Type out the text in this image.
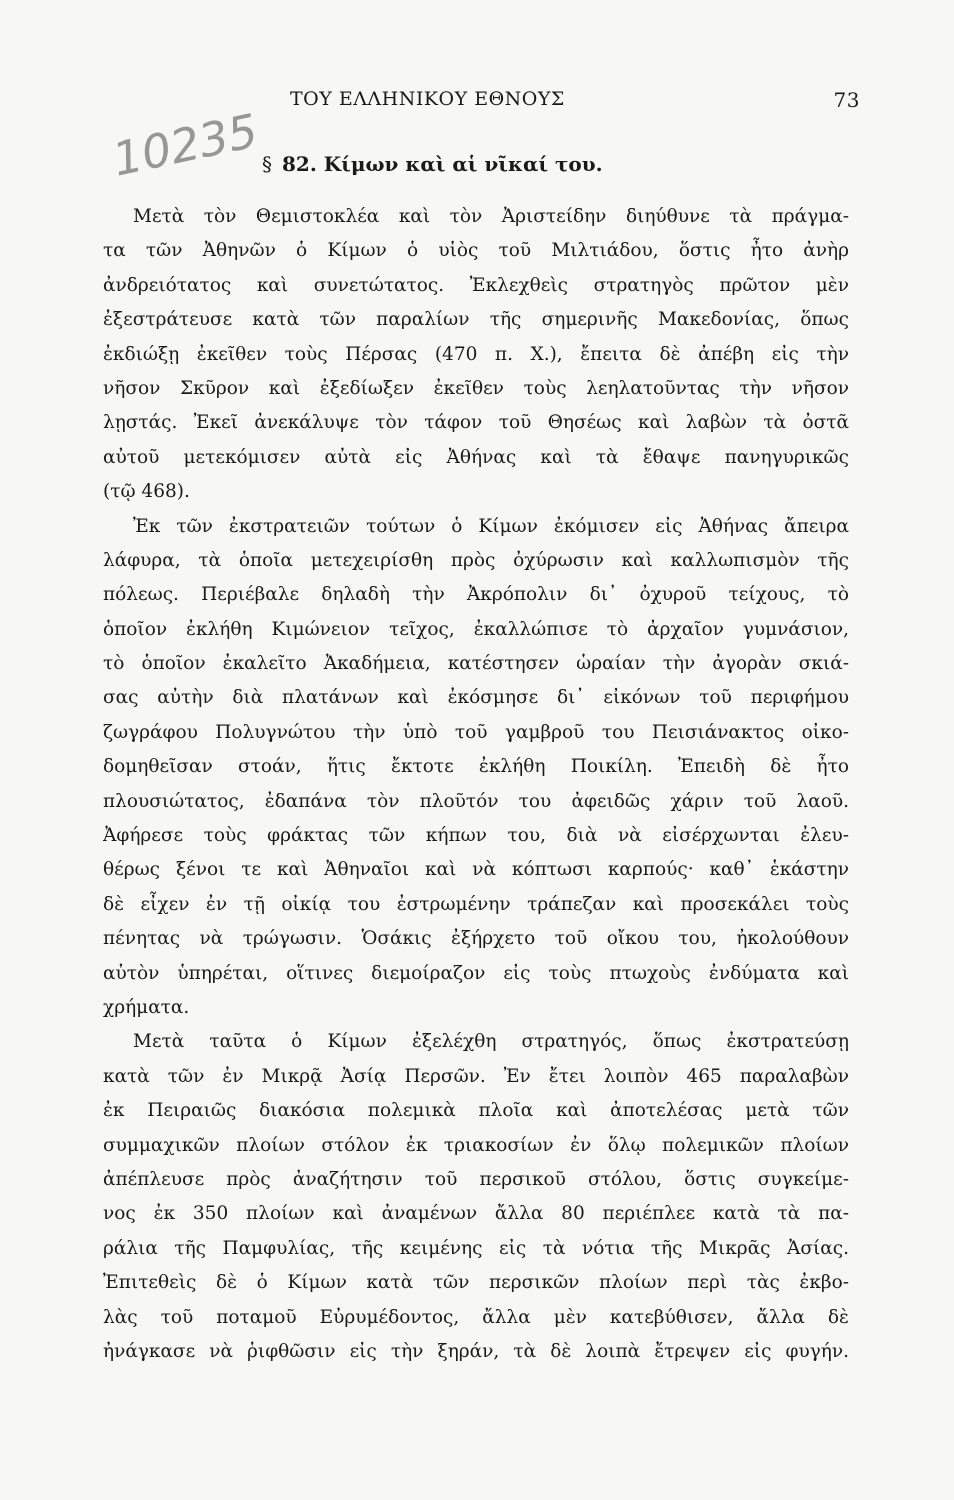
ΤΟΥ ΕΛΛΗΝΙΚΟΥ ΕΘΝΟΥΣ	73
10235 § 82. Κίμων καὶ αἱ νῖκαί του.
Μετὰ τὸν Θεμιστοκλέα καὶ τὸν Ἀριστείδην διηύθυνε τὰ πράγμα-
τα τῶν Ἀθηνῶν ὁ Κίμων ὁ υἱὸς τοῦ Μιλτιάδου, ὅστις ἦτο ἀνὴρ
ἀνδρειότατος καὶ συνετώτατος. Ἐκλεχθεὶς στρατηγὸς πρῶτον μὲν
ἐξεστράτευσε κατὰ τῶν παραλίων τῆς σημερινῆς Μακεδονίας, ὅπως
ἐκδιώξῃ ἐκεῖθεν τοὺς Πέρσας (470 π. Χ.), ἔπειτα δὲ ἀπέβη εἰς τὴν
νῆσον Σκῦρον καὶ ἐξεδίωξεν ἐκεῖθεν τοὺς λεηλατοῦντας τὴν νῆσον
λῃστάς. Ἐκεῖ ἀνεκάλυψε τὸν τάφον τοῦ Θησέως καὶ λαβὼν τὰ ὀστᾶ
αὐτοῦ μετεκόμισεν αὐτὰ εἰς Ἀθήνας καὶ τὰ ἔθαψε πανηγυρικῶς
(τῷ 468).
Ἐκ τῶν ἐκστρατειῶν τούτων ὁ Κίμων ἐκόμισεν εἰς Ἀθήνας ἄπειρα
λάφυρα, τὰ ὁποῖα μετεχειρίσθη πρὸς ὀχύρωσιν καὶ καλλωπισμὸν τῆς
πόλεως. Περιέβαλε δηλαδὴ τὴν Ἀκρόπολιν δι᾽ ὀχυροῦ τείχους, τὸ
ὁποῖον ἐκλήθη Κιμώνειον τεῖχος, ἐκαλλώπισε τὸ ἀρχαῖον γυμνάσιον,
τὸ ὁποῖον ἐκαλεῖτο Ἀκαδήμεια, κατέστησεν ὡραίαν τὴν ἀγορὰν σκιά-
σας αὐτὴν διὰ πλατάνων καὶ ἐκόσμησε δι᾽ εἰκόνων τοῦ περιφήμου
ζωγράφου Πολυγνώτου τὴν ὑπὸ τοῦ γαμβροῦ του Πεισιάνακτος οἰκο-
δομηθεῖσαν στοάν, ἥτις ἔκτοτε ἐκλήθη Ποικίλη. Ἐπειδὴ δὲ ἦτο
πλουσιώτατος, ἐδαπάνα τὸν πλοῦτόν του ἀφειδῶς χάριν τοῦ λαοῦ.
Ἀφήρεσε τοὺς φράκτας τῶν κήπων του, διὰ νὰ εἰσέρχωνται ἐλευ-
θέρως ξένοι τε καὶ Ἀθηναῖοι καὶ νὰ κόπτωσι καρπούς· καθ᾽ ἑκάστην
δὲ εἶχεν ἐν τῇ οἰκίᾳ του ἐστρωμένην τράπεζαν καὶ προσεκάλει τοὺς
πένητας νὰ τρώγωσιν. Ὁσάκις ἐξήρχετο τοῦ οἴκου του, ἠκολούθουν
αὐτὸν ὑπηρέται, οἵτινες διεμοίραζον εἰς τοὺς πτωχοὺς ἐνδύματα καὶ
χρήματα.
Μετὰ ταῦτα ὁ Κίμων ἐξελέχθη στρατηγός, ὅπως ἐκστρατεύσῃ
κατὰ τῶν ἐν Μικρᾷ Ἀσίᾳ Περσῶν. Ἐν ἔτει λοιπὸν 465 παραλαβὼν
ἐκ Πειραιῶς διακόσια πολεμικὰ πλοῖα καὶ ἀποτελέσας μετὰ τῶν
συμμαχικῶν πλοίων στόλον ἐκ τριακοσίων ἐν ὅλῳ πολεμικῶν πλοίων
ἀπέπλευσε πρὸς ἀναζήτησιν τοῦ περσικοῦ στόλου, ὅστις συγκείμε-
νος ἐκ 350 πλοίων καὶ ἀναμένων ἄλλα 80 περιέπλεε κατὰ τὰ πα-
ράλια τῆς Παμφυλίας, τῆς κειμένης εἰς τὰ νότια τῆς Μικρᾶς Ἀσίας.
Ἐπιτεθεὶς δὲ ὁ Κίμων κατὰ τῶν περσικῶν πλοίων περὶ τὰς ἐκβο-
λὰς τοῦ ποταμοῦ Εὐρυμέδοντος, ἄλλα μὲν κατεβύθισεν, ἄλλα δὲ
ἠνάγκασε νὰ ῥιφθῶσιν εἰς τὴν ξηράν, τὰ δὲ λοιπὰ ἔτρεψεν εἰς φυγήν.
